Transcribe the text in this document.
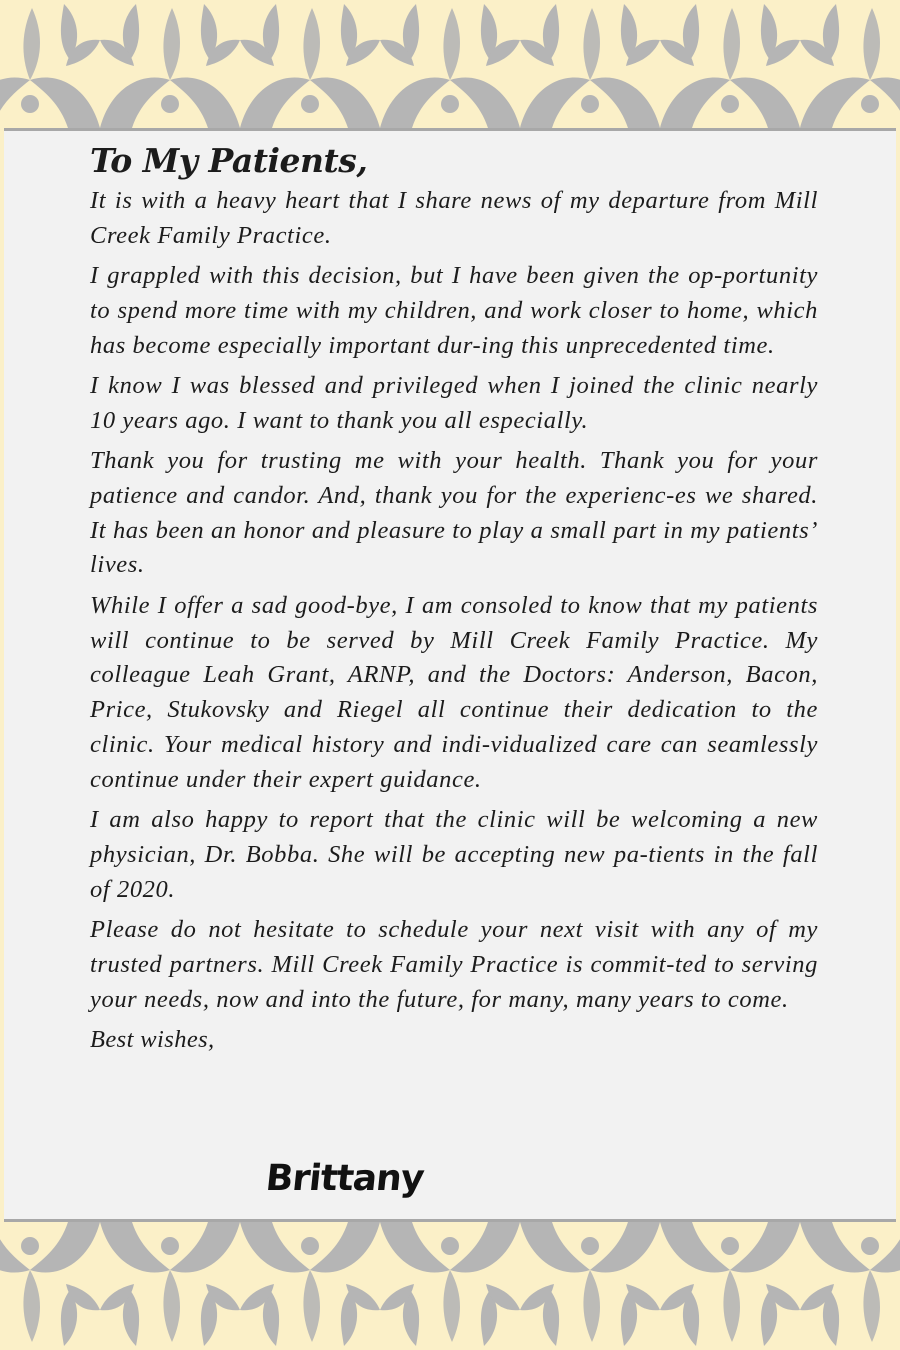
To My Patients,

It is with a heavy heart that I share news of my departure from Mill Creek Family Practice.

I grappled with this decision, but I have been given the op-portunity to spend more time with my children, and work closer to home, which has become especially important dur-ing this unprecedented time.

I know I was blessed and privileged when I joined the clinic nearly 10 years ago. I want to thank you all especially.

Thank you for trusting me with your health. Thank you for your patience and candor. And, thank you for the experienc-es we shared. It has been an honor and pleasure to play a small part in my patients’ lives.

While I offer a sad good-bye, I am consoled to know that my patients will continue to be served by Mill Creek Family Practice. My colleague Leah Grant, ARNP, and the Doctors: Anderson, Bacon, Price, Stukovsky and Riegel all continue their dedication to the clinic. Your medical history and indi-vidualized care can seamlessly continue under their expert guidance.

I am also happy to report that the clinic will be welcoming a new physician, Dr. Bobba. She will be accepting new pa-tients in the fall of 2020.

Please do not hesitate to schedule your next visit with any of my trusted partners. Mill Creek Family Practice is commit-ted to serving your needs, now and into the future, for many, many years to come.

Best wishes,

Brittany
